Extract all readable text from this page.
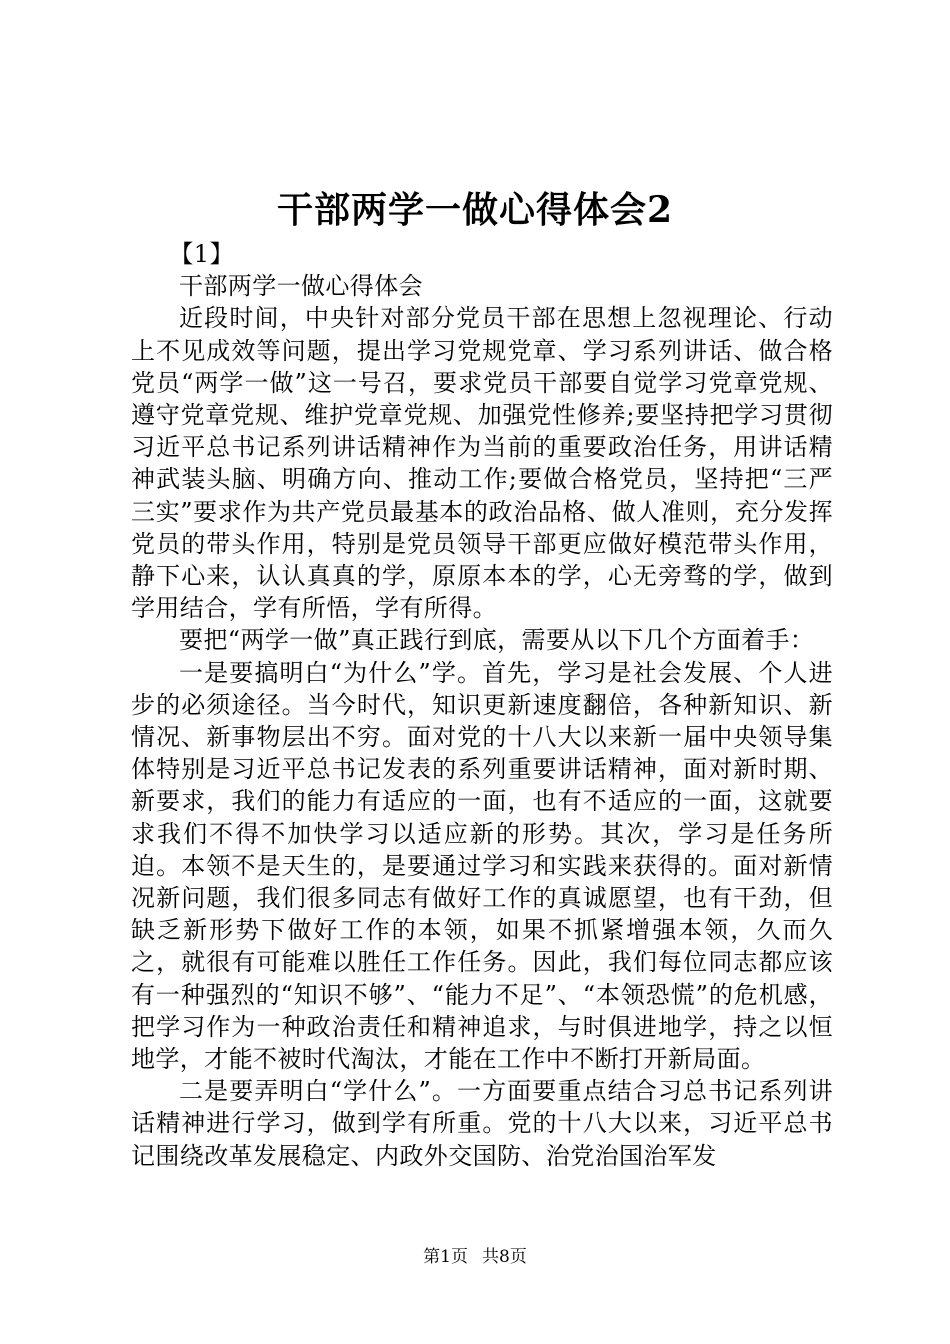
干部两学一做心得体会2

【1】

干部两学一做心得体会

近段时间，中央针对部分党员干部在思想上忽视理论、行动上不见成效等问题，提出学习党规党章、学习系列讲话、做合格党员“两学一做”这一号召，要求党员干部要自觉学习党章党规、遵守党章党规、维护党章党规、加强党性修养;要坚持把学习贯彻习近平总书记系列讲话精神作为当前的重要政治任务，用讲话精神武装头脑、明确方向、推动工作;要做合格党员，坚持把“三严三实”要求作为共产党员最基本的政治品格、做人准则，充分发挥党员的带头作用，特别是党员领导干部更应做好模范带头作用，静下心来，认认真真的学，原原本本的学，心无旁骛的学，做到学用结合，学有所悟，学有所得。

要把“两学一做”真正践行到底，需要从以下几个方面着手：

一是要搞明白“为什么”学。首先，学习是社会发展、个人进步的必须途径。当今时代，知识更新速度翻倍，各种新知识、新情况、新事物层出不穷。面对党的十八大以来新一届中央领导集体特别是习近平总书记发表的系列重要讲话精神，面对新时期、新要求，我们的能力有适应的一面，也有不适应的一面，这就要求我们不得不加快学习以适应新的形势。其次，学习是任务所迫。本领不是天生的，是要通过学习和实践来获得的。面对新情况新问题，我们很多同志有做好工作的真诚愿望，也有干劲，但缺乏新形势下做好工作的本领，如果不抓紧增强本领，久而久之，就很有可能难以胜任工作任务。因此，我们每位同志都应该有一种强烈的“知识不够”、“能力不足”、“本领恐慌”的危机感，把学习作为一种政治责任和精神追求，与时俱进地学，持之以恒地学，才能不被时代淘汰，才能在工作中不断打开新局面。

二是要弄明白“学什么”。一方面要重点结合习总书记系列讲话精神进行学习，做到学有所重。党的十八大以来，习近平总书记围绕改革发展稳定、内政外交国防、治党治国治军发

第1页 共8页
